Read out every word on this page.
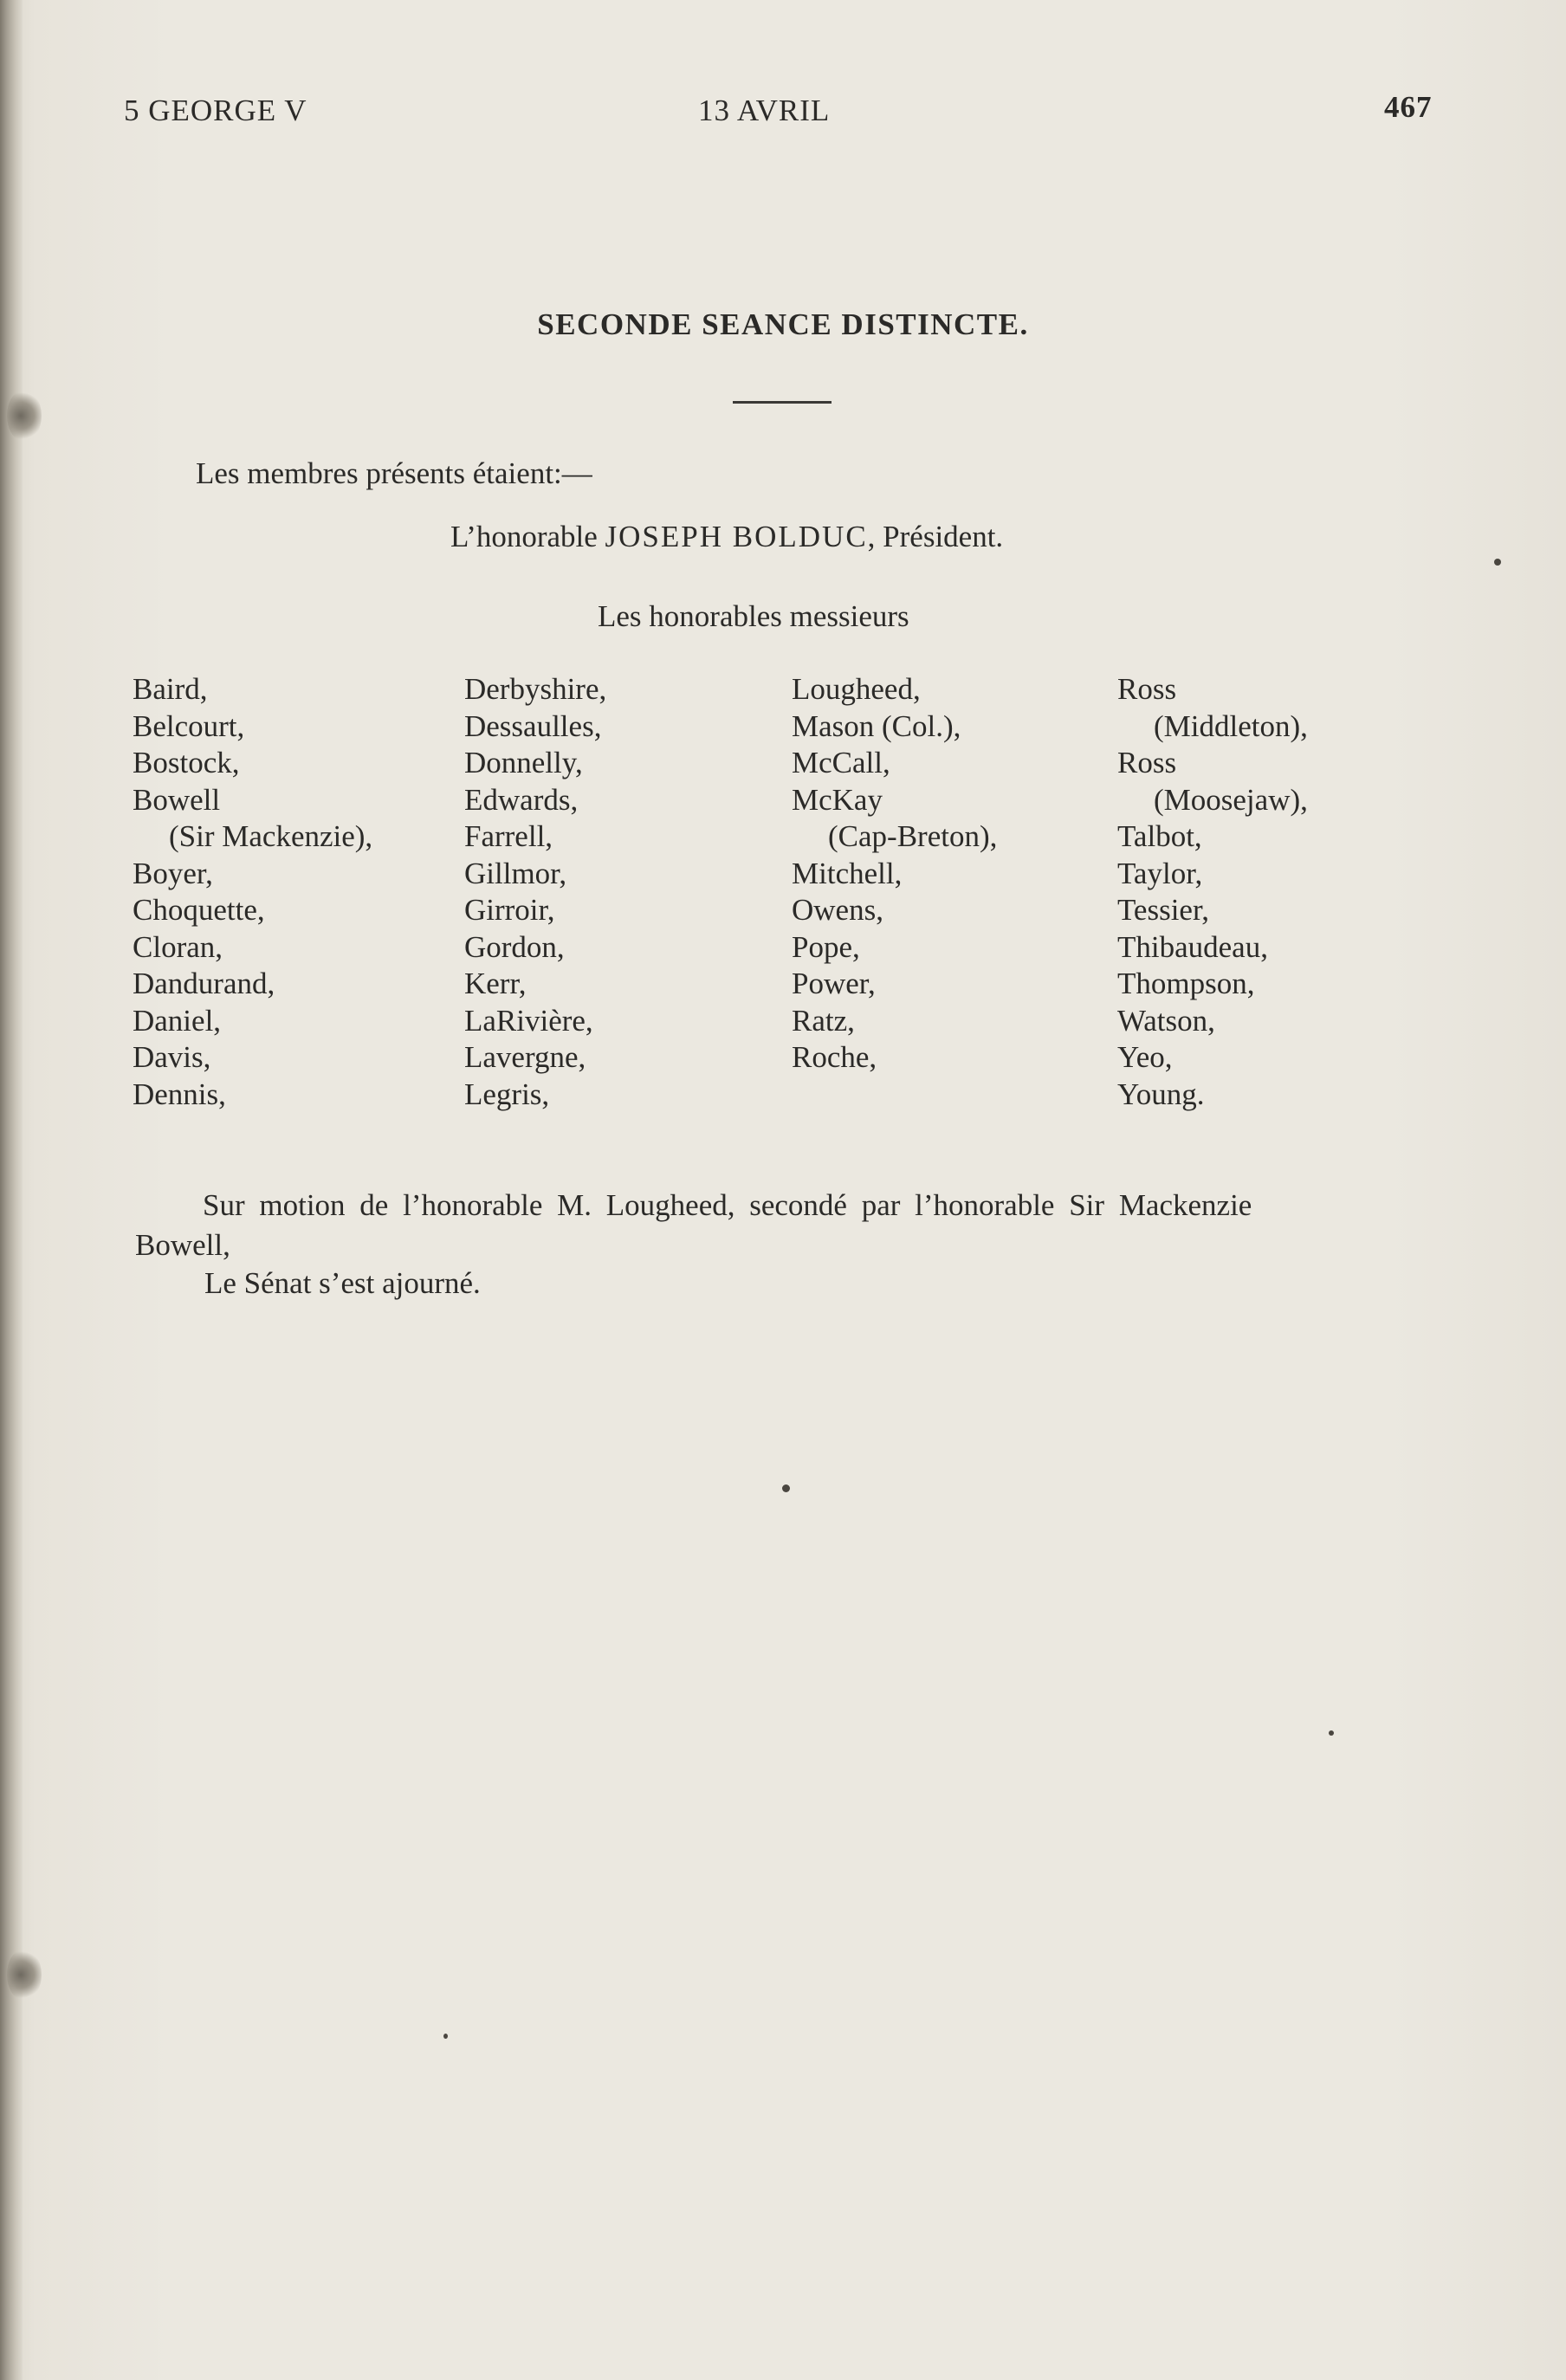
5 GEORGE V	13 AVRIL	467
SECONDE SEANCE DISTINCTE.
Les membres présents étaient:—
L’honorable JOSEPH BOLDUC, Président.
Les honorables messieurs
Baird,
Belcourt,
Bostock,
Bowell
(Sir Mackenzie),
Boyer,
Choquette,
Cloran,
Dandurand,
Daniel,
Davis,
Dennis,
Derbyshire,
Dessaulles,
Donnelly,
Edwards,
Farrell,
Gillmor,
Girroir,
Gordon,
Kerr,
LaRivière,
Lavergne,
Legris,
Lougheed,
Mason (Col.),
McCall,
McKay
(Cap-Breton),
Mitchell,
Owens,
Pope,
Power,
Ratz,
Roche,
Ross
(Middleton),
Ross
(Moosejaw),
Talbot,
Taylor,
Tessier,
Thibaudeau,
Thompson,
Watson,
Yeo,
Young.
Sur motion de l’honorable M. Lougheed, secondé par l’honorable Sir Mackenzie
Bowell,
Le Sénat s’est ajourné.
